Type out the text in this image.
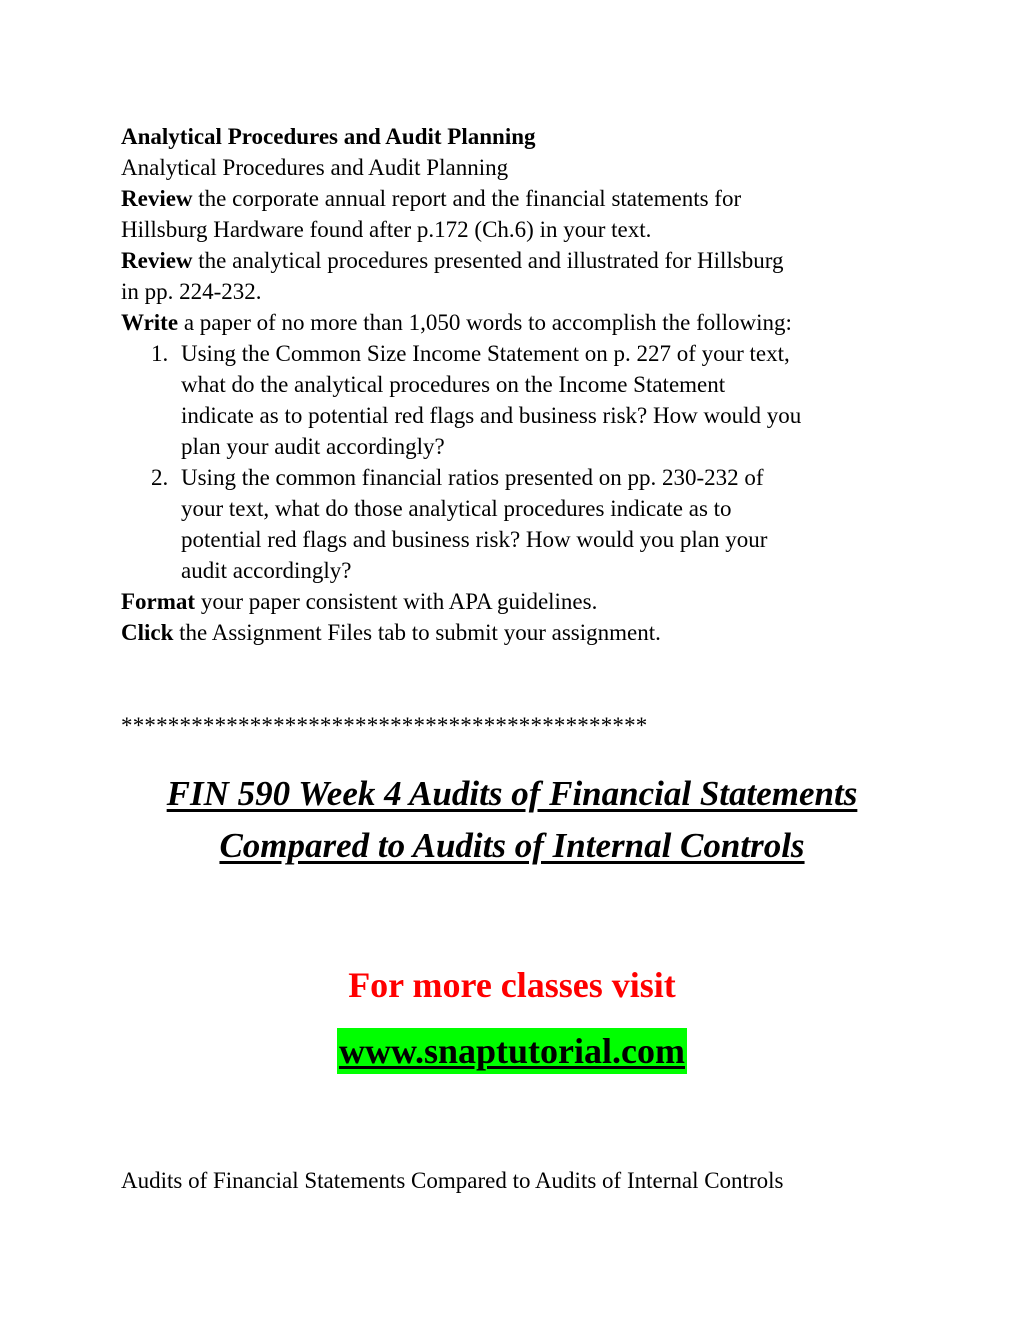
Analytical Procedures and Audit Planning
Analytical Procedures and Audit Planning
Review the corporate annual report and the financial statements for
Hillsburg Hardware found after p.172 (Ch.6) in your text.
Review the analytical procedures presented and illustrated for Hillsburg
in pp. 224-232.
Write a paper of no more than 1,050 words to accomplish the following:
1. Using the Common Size Income Statement on p. 227 of your text,
what do the analytical procedures on the Income Statement
indicate as to potential red flags and business risk? How would you
plan your audit accordingly?
2. Using the common financial ratios presented on pp. 230-232 of
your text, what do those analytical procedures indicate as to
potential red flags and business risk? How would you plan your
audit accordingly?
Format your paper consistent with APA guidelines.
Click the Assignment Files tab to submit your assignment.
*********************************************
FIN 590 Week 4 Audits of Financial Statements
Compared to Audits of Internal Controls
For more classes visit
www.snaptutorial.com
Audits of Financial Statements Compared to Audits of Internal Controls
